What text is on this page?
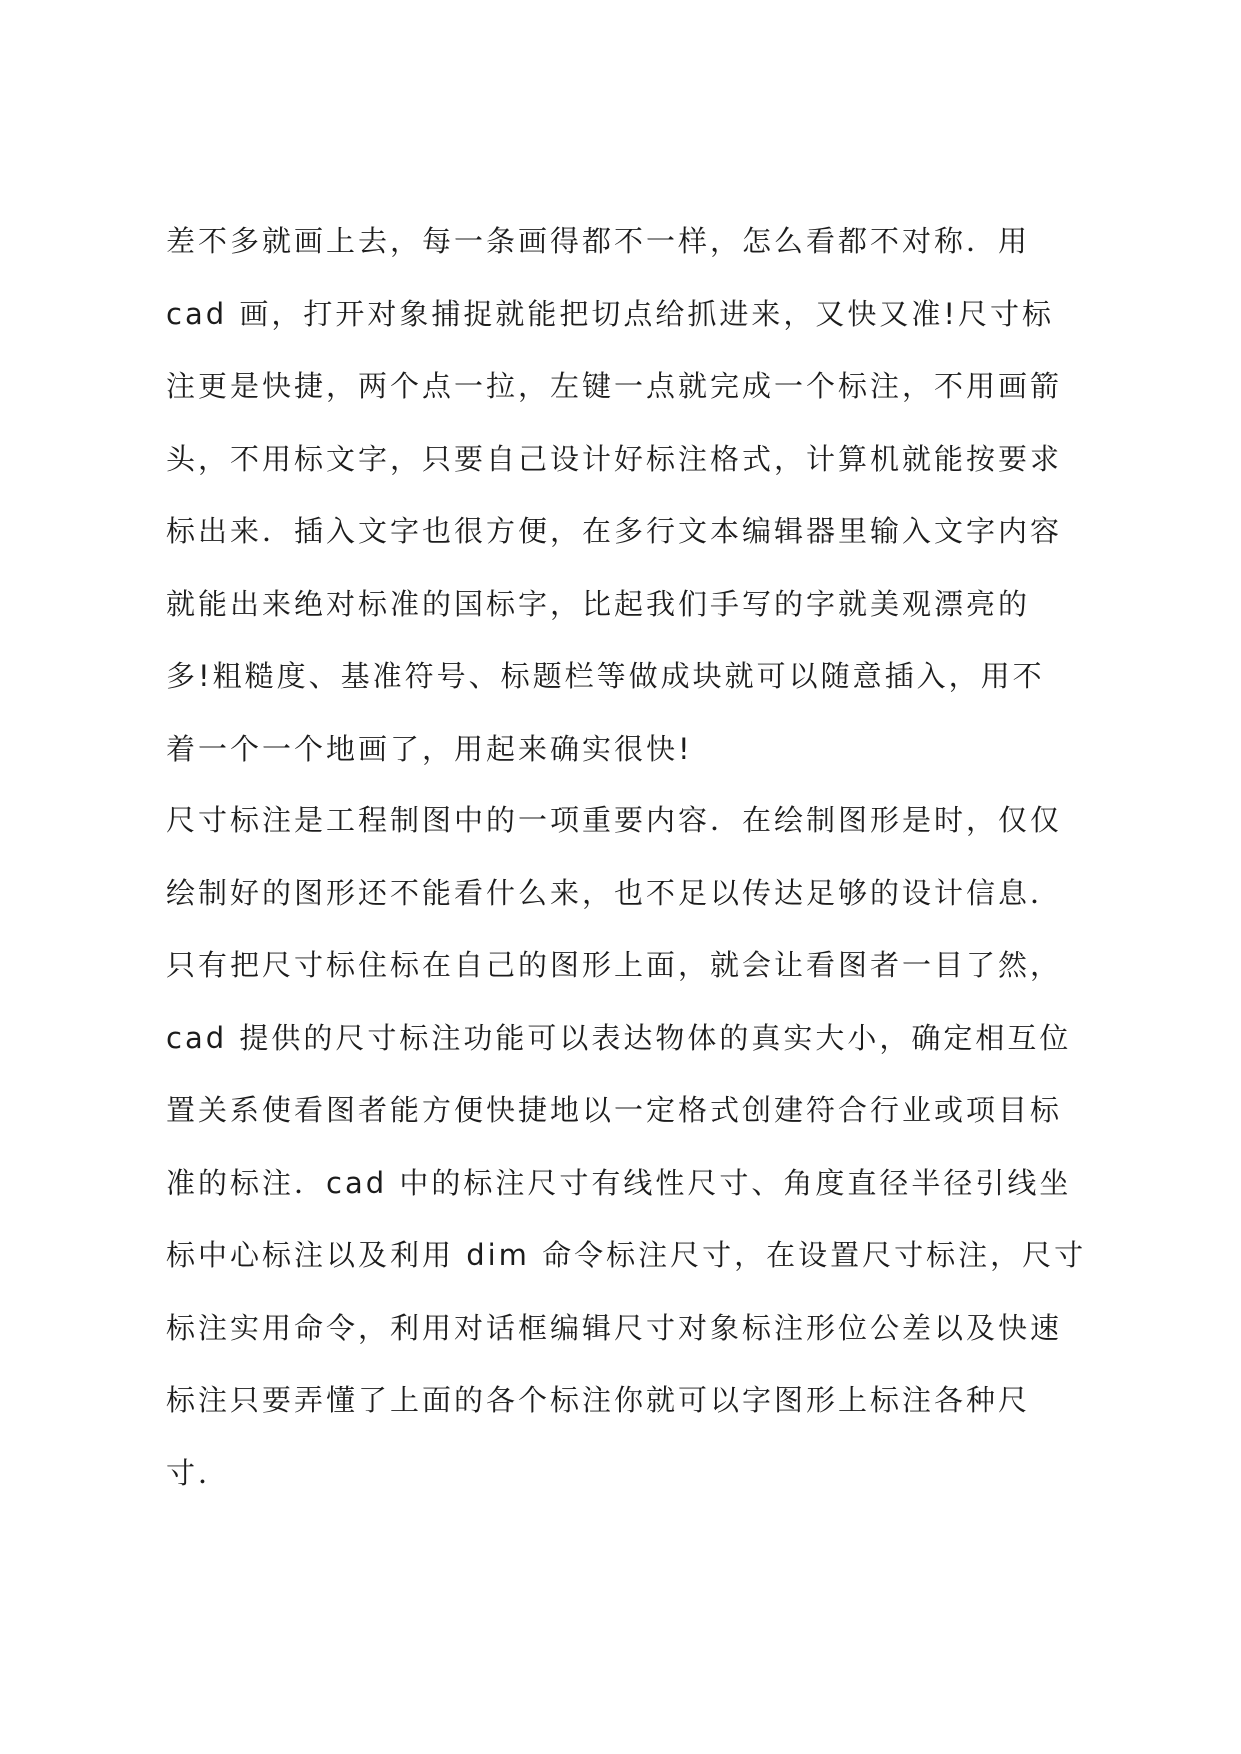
差不多就画上去，每一条画得都不一样，怎么看都不对称．用
cad 画，打开对象捕捉就能把切点给抓进来，又快又准!尺寸标
注更是快捷，两个点一拉，左键一点就完成一个标注，不用画箭
头，不用标文字，只要自己设计好标注格式，计算机就能按要求
标出来．插入文字也很方便，在多行文本编辑器里输入文字内容
就能出来绝对标准的国标字，比起我们手写的字就美观漂亮的
多!粗糙度、基准符号、标题栏等做成块就可以随意插入，用不
着一个一个地画了，用起来确实很快!
尺寸标注是工程制图中的一项重要内容．在绘制图形是时，仅仅
绘制好的图形还不能看什么来，也不足以传达足够的设计信息．
只有把尺寸标住标在自己的图形上面，就会让看图者一目了然，
cad 提供的尺寸标注功能可以表达物体的真实大小，确定相互位
置关系使看图者能方便快捷地以一定格式创建符合行业或项目标
准的标注．cad 中的标注尺寸有线性尺寸、角度直径半径引线坐
标中心标注以及利用 dim 命令标注尺寸，在设置尺寸标注，尺寸
标注实用命令，利用对话框编辑尺寸对象标注形位公差以及快速
标注只要弄懂了上面的各个标注你就可以字图形上标注各种尺
寸．
